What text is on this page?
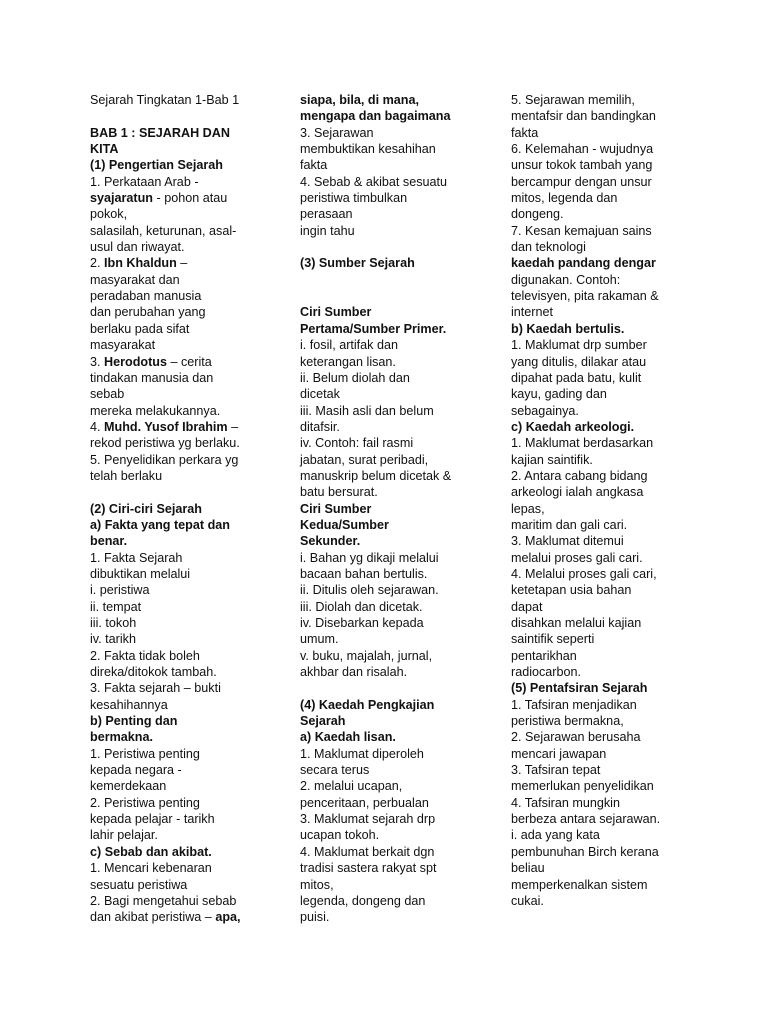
Sejarah Tingkatan 1-Bab 1
BAB 1 : SEJARAH DAN
KITA
(1) Pengertian Sejarah
1. Perkataan Arab -
syajaratun - pohon atau
pokok,
salasilah, keturunan, asal-
usul dan riwayat.
2. Ibn Khaldun –
masyarakat dan
peradaban manusia
dan perubahan yang
berlaku pada sifat
masyarakat
3. Herodotus – cerita
tindakan manusia dan
sebab
mereka melakukannya.
4. Muhd. Yusof Ibrahim –
rekod peristiwa yg berlaku.
5. Penyelidikan perkara yg
telah berlaku
(2) Ciri-ciri Sejarah
a) Fakta yang tepat dan
benar.
1. Fakta Sejarah
dibuktikan melalui
i. peristiwa
ii. tempat
iii. tokoh
iv. tarikh
2. Fakta tidak boleh
direka/ditokok tambah.
3. Fakta sejarah – bukti
kesahihannya
b) Penting dan
bermakna.
1. Peristiwa penting
kepada negara -
kemerdekaan
2. Peristiwa penting
kepada pelajar - tarikh
lahir pelajar.
c) Sebab dan akibat.
1. Mencari kebenaran
sesuatu peristiwa
2. Bagi mengetahui sebab
dan akibat peristiwa – apa,
siapa, bila, di mana,
mengapa dan bagaimana
3. Sejarawan
membuktikan kesahihan
fakta
4. Sebab & akibat sesuatu
peristiwa timbulkan
perasaan
ingin tahu
(3) Sumber Sejarah
Ciri Sumber
Pertama/Sumber Primer.
i. fosil, artifak dan
keterangan lisan.
ii. Belum diolah dan
dicetak
iii. Masih asli dan belum
ditafsir.
iv. Contoh: fail rasmi
jabatan, surat peribadi,
manuskrip belum dicetak &
batu bersurat.
Ciri Sumber
Kedua/Sumber
Sekunder.
i. Bahan yg dikaji melalui
bacaan bahan bertulis.
ii. Ditulis oleh sejarawan.
iii. Diolah dan dicetak.
iv. Disebarkan kepada
umum.
v. buku, majalah, jurnal,
akhbar dan risalah.
(4) Kaedah Pengkajian
Sejarah
a) Kaedah lisan.
1. Maklumat diperoleh
secara terus
2. melalui ucapan,
penceritaan, perbualan
3. Maklumat sejarah drp
ucapan tokoh.
4. Maklumat berkait dgn
tradisi sastera rakyat spt
mitos,
legenda, dongeng dan
puisi.
5. Sejarawan memilih,
mentafsir dan bandingkan
fakta
6. Kelemahan - wujudnya
unsur tokok tambah yang
bercampur dengan unsur
mitos, legenda dan
dongeng.
7. Kesan kemajuan sains
dan teknologi
kaedah pandang dengar
digunakan. Contoh:
televisyen, pita rakaman &
internet
b) Kaedah bertulis.
1. Maklumat drp sumber
yang ditulis, dilakar atau
dipahat pada batu, kulit
kayu, gading dan
sebagainya.
c) Kaedah arkeologi.
1. Maklumat berdasarkan
kajian saintifik.
2. Antara cabang bidang
arkeologi ialah angkasa
lepas,
maritim dan gali cari.
3. Maklumat ditemui
melalui proses gali cari.
4. Melalui proses gali cari,
ketetapan usia bahan
dapat
disahkan melalui kajian
saintifik seperti
pentarikhan
radiocarbon.
(5) Pentafsiran Sejarah
1. Tafsiran menjadikan
peristiwa bermakna,
2. Sejarawan berusaha
mencari jawapan
3. Tafsiran tepat
memerlukan penyelidikan
4. Tafsiran mungkin
berbeza antara sejarawan.
i. ada yang kata
pembunuhan Birch kerana
beliau
memperkenalkan sistem
cukai.
